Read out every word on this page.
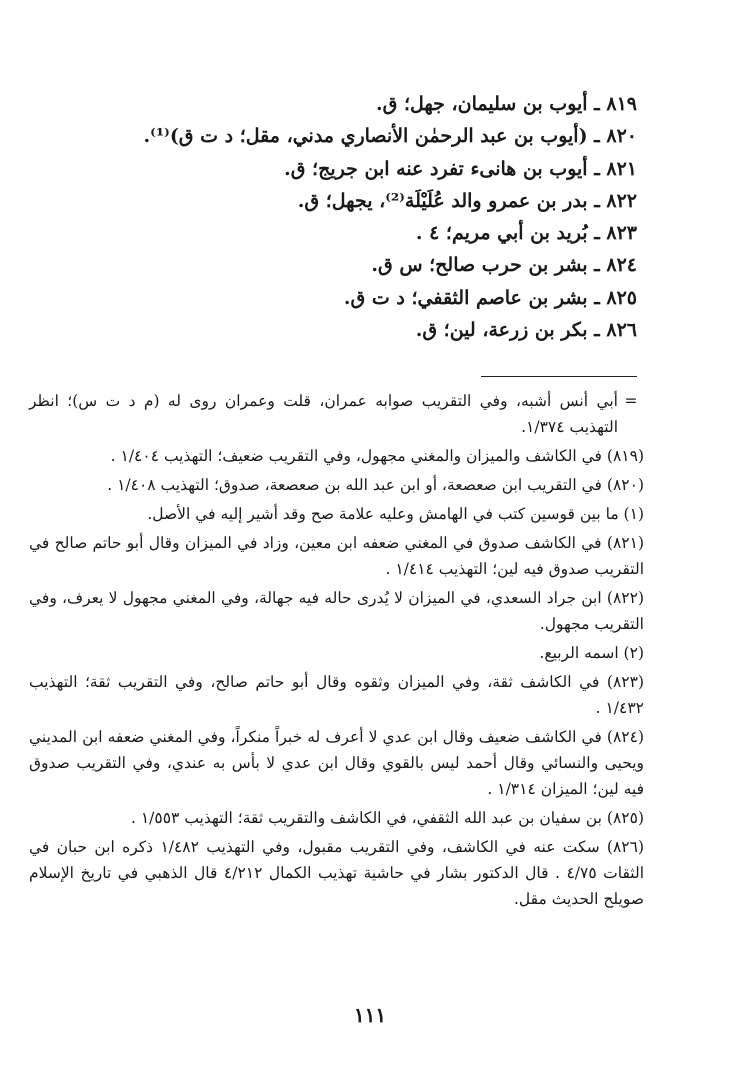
٨١٩ ـ أيوب بن سليمان، جهل؛ ق.
٨٢٠ ـ (أيوب بن عبد الرحمٰن الأنصاري مدني، مقل؛ د ت ق)⁽¹⁾.
٨٢١ ـ أيوب بن هانىء تفرد عنه ابن جريج؛ ق.
٨٢٢ ـ بدر بن عمرو والد عُلَيْلَة⁽²⁾، يجهل؛ ق.
٨٢٣ ـ بُريد بن أبي مريم؛ ٤ .
٨٢٤ ـ بشر بن حرب صالح؛ س ق.
٨٢٥ ـ بشر بن عاصم الثقفي؛ د ت ق.
٨٢٦ ـ بكر بن زرعة، لين؛ ق.
=أبي أنس أشبه، وفي التقريب صوابه عمران، قلت وعمران روى له (م د ت س)؛ انظر التهذيب ١/٣٧٤.
(٨١٩) في الكاشف والميزان والمغني مجهول، وفي التقريب ضعيف؛ التهذيب ١/٤٠٤ .
(٨٢٠) في التقريب ابن صعصعة، أو ابن عبد الله بن صعصعة، صدوق؛ التهذيب ١/٤٠٨ .
(١) ما بين قوسين كتب في الهامش وعليه علامة صح وقد أشير إليه في الأصل.
(٨٢١) في الكاشف صدوق في المغني ضعفه ابن معين، وزاد في الميزان وقال أبو حاتم صالح في التقريب صدوق فيه لين؛ التهذيب ١/٤١٤ .
(٨٢٢) ابن جراد السعدي، في الميزان لا يُدرى حاله فيه جهالة، وفي المغني مجهول لا يعرف، وفي التقريب مجهول.
(٢) اسمه الربيع.
(٨٢٣) في الكاشف ثقة، وفي الميزان وثقوه وقال أبو حاتم صالح، وفي التقريب ثقة؛ التهذيب ١/٤٣٢ .
(٨٢٤) في الكاشف ضعيف وقال ابن عدي لا أعرف له خبراً منكراً، وفي المغني ضعفه ابن المديني ويحيى والنسائي وقال أحمد ليس بالقوي وقال ابن عدي لا بأس به عندي، وفي التقريب صدوق فيه لين؛ الميزان ١/٣١٤ .
(٨٢٥) بن سفيان بن عبد الله الثقفي، في الكاشف والتقريب ثقة؛ التهذيب ١/٥٥٣ .
(٨٢٦) سكت عنه في الكاشف، وفي التقريب مقبول، وفي التهذيب ١/٤٨٢ ذكره ابن حبان في الثقات ٤/٧٥ . قال الدكتور بشار في حاشية تهذيب الكمال ٤/٢١٢ قال الذهبي في تاريخ الإسلام صويلح الحديث مقل.
١١١
